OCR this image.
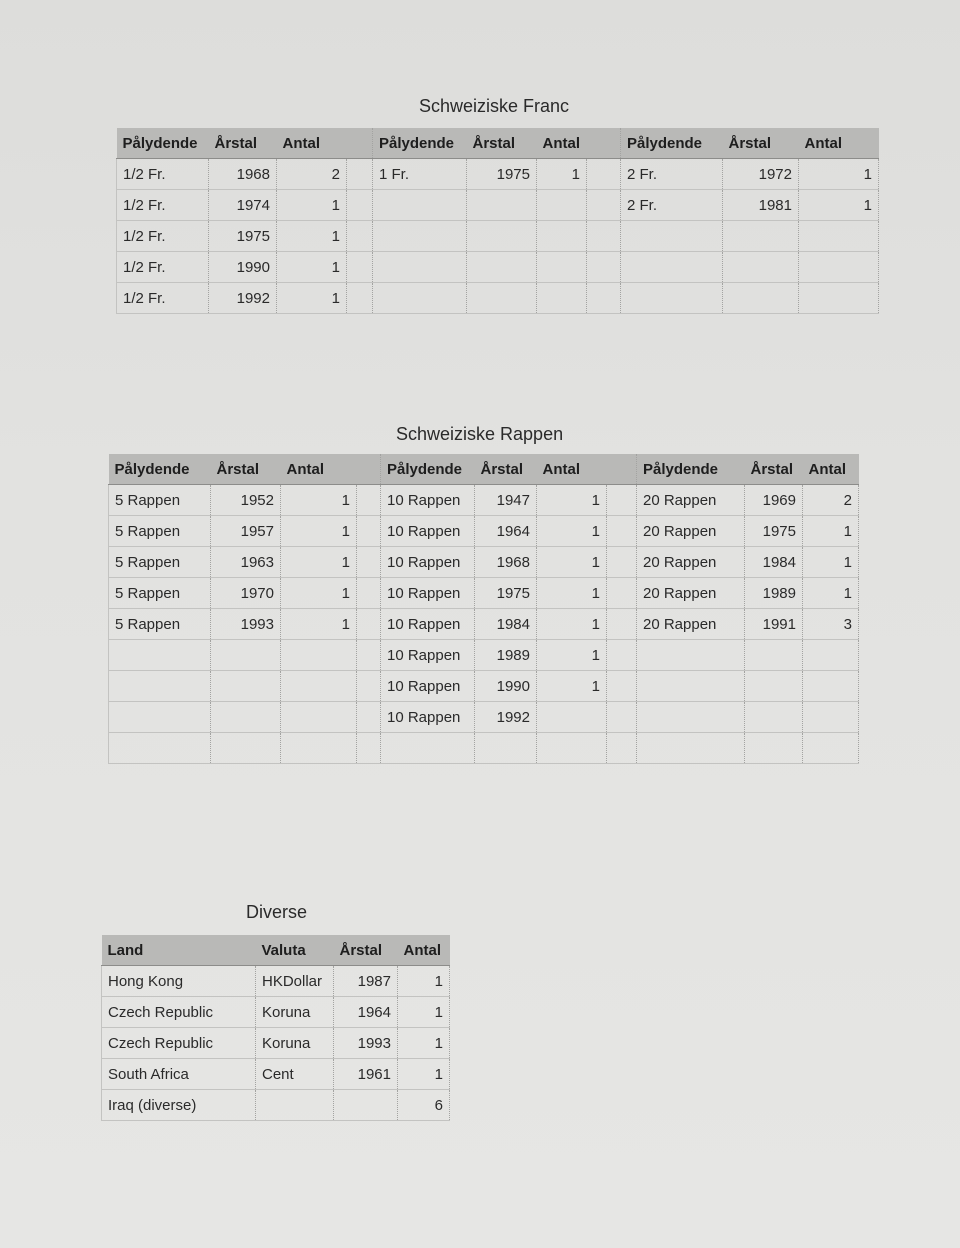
Schweiziske Franc
Pålydende	Årstal	Antal		Pålydende	Årstal	Antal		Pålydende	Årstal	Antal
1/2 Fr.	1968	2		1 Fr.	1975	1		2 Fr.	1972	1
1/2 Fr.	1974	1						2 Fr.	1981	1
1/2 Fr.	1975	1								
1/2 Fr.	1990	1								
1/2 Fr.	1992	1								
Schweiziske Rappen
Pålydende	Årstal	Antal		Pålydende	Årstal	Antal		Pålydende	Årstal	Antal
5 Rappen	1952	1		10 Rappen	1947	1		20 Rappen	1969	2
5 Rappen	1957	1		10 Rappen	1964	1		20 Rappen	1975	1
5 Rappen	1963	1		10 Rappen	1968	1		20 Rappen	1984	1
5 Rappen	1970	1		10 Rappen	1975	1		20 Rappen	1989	1
5 Rappen	1993	1		10 Rappen	1984	1		20 Rappen	1991	3
				10 Rappen	1989	1				
				10 Rappen	1990	1				
				10 Rappen	1992					

Diverse
Land	Valuta	Årstal	Antal
Hong Kong	HKDollar	1987	1
Czech Republic	Koruna	1964	1
Czech Republic	Koruna	1993	1
South Africa	Cent	1961	1
Iraq (diverse)			6
